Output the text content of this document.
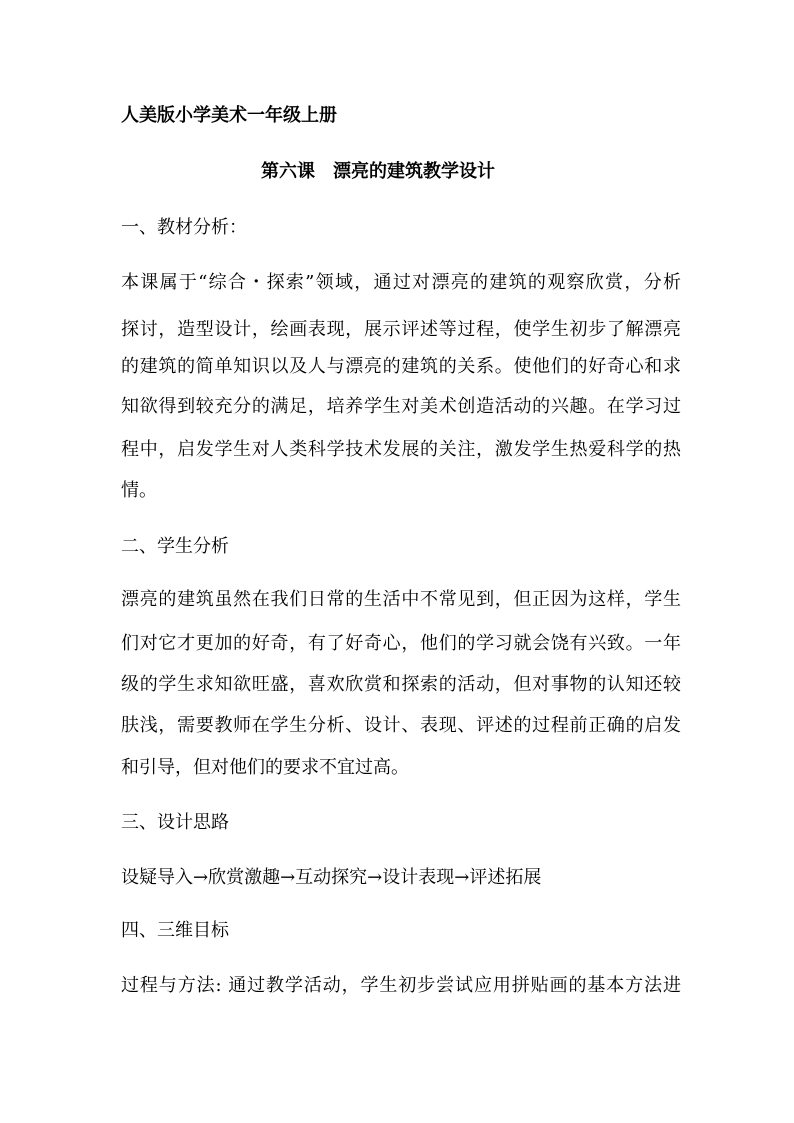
人美版小学美术一年级上册

第六课　漂亮的建筑教学设计

一、教材分析：

本课属于“综合・探索”领域，通过对漂亮的建筑的观察欣赏，分析

探讨，造型设计，绘画表现，展示评述等过程，使学生初步了解漂亮

的建筑的简单知识以及人与漂亮的建筑的关系。使他们的好奇心和求

知欲得到较充分的满足，培养学生对美术创造活动的兴趣。在学习过

程中，启发学生对人类科学技术发展的关注，激发学生热爱科学的热

情。

二、学生分析

漂亮的建筑虽然在我们日常的生活中不常见到，但正因为这样，学生

们对它才更加的好奇，有了好奇心，他们的学习就会饶有兴致。一年

级的学生求知欲旺盛，喜欢欣赏和探索的活动，但对事物的认知还较

肤浅，需要教师在学生分析、设计、表现、评述的过程前正确的启发

和引导，但对他们的要求不宜过高。

三、设计思路

设疑导入→欣赏激趣→互动探究→设计表现→评述拓展

四、三维目标

过程与方法: 通过教学活动，学生初步尝试应用拼贴画的基本方法进
